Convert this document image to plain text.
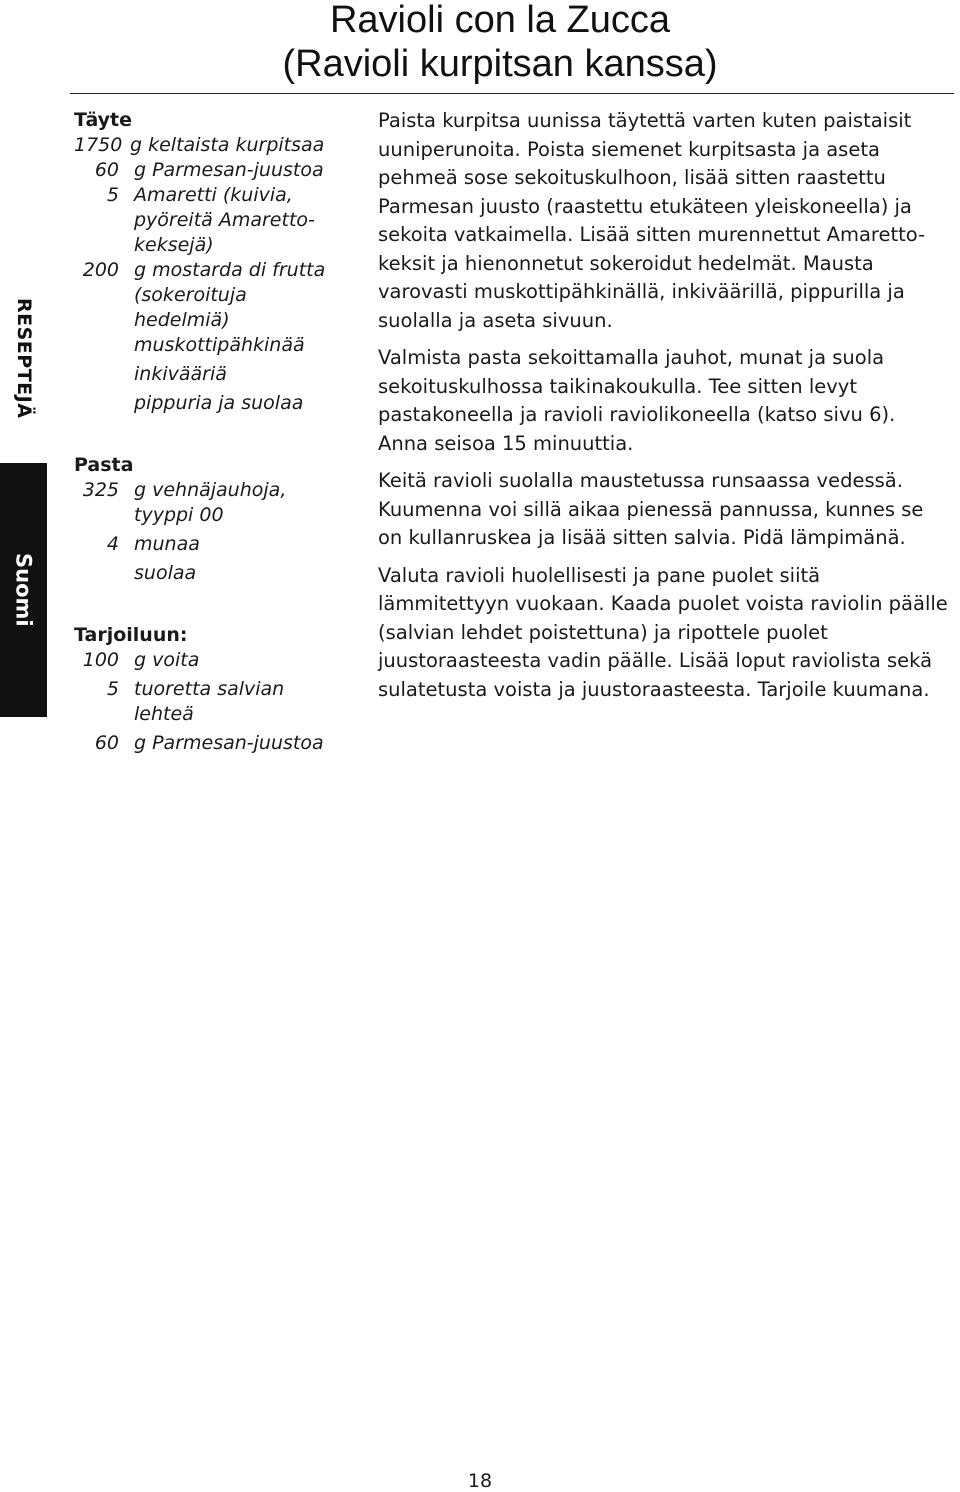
Ravioli con la Zucca
(Ravioli kurpitsan kanssa)
RESEPTEJÄ
Suomi
Täyte
1750 g keltaista kurpitsaa
60 g Parmesan-juustoa
5 Amaretti (kuivia, pyöreitä Amaretto-keksejä)
200 g mostarda di frutta (sokeroituja hedelmiä)
muskottipähkinää
inkivääriä
pippuria ja suolaa
Pasta
325 g vehnäjauhoja, tyyppi 00
4 munaa
suolaa
Tarjoiluun:
100 g voita
5 tuoretta salvian lehteä
60 g Parmesan-juustoa

Paista kurpitsa uunissa täytettä varten kuten paistaisit uuniperunoita. Poista siemenet kurpitsasta ja aseta pehmeä sose sekoituskulhoon, lisää sitten raastettu Parmesan juusto (raastettu etukäteen yleiskoneella) ja sekoita vatkaimella. Lisää sitten murennettut Amaretto-keksit ja hienonnetut sokeroidut hedelmät. Mausta varovasti muskottipähkinällä, inkiväärillä, pippurilla ja suolalla ja aseta sivuun.

Valmista pasta sekoittamalla jauhot, munat ja suola sekoituskulhossa taikinakoukulla. Tee sitten levyt pastakoneella ja ravioli raviolikoneella (katso sivu 6). Anna seisoa 15 minuuttia.

Keitä ravioli suolalla maustetussa runsaassa vedessä. Kuumenna voi sillä aikaa pienessä pannussa, kunnes se on kullanruskea ja lisää sitten salvia. Pidä lämpimänä.

Valuta ravioli huolellisesti ja pane puolet siitä lämmitettyyn vuokaan. Kaada puolet voista raviolin päälle (salvian lehdet poistettuna) ja ripottele puolet juustoraasteesta vadin päälle. Lisää loput raviolista sekä sulatetusta voista ja juustoraasteesta. Tarjoile kuumana.

18
